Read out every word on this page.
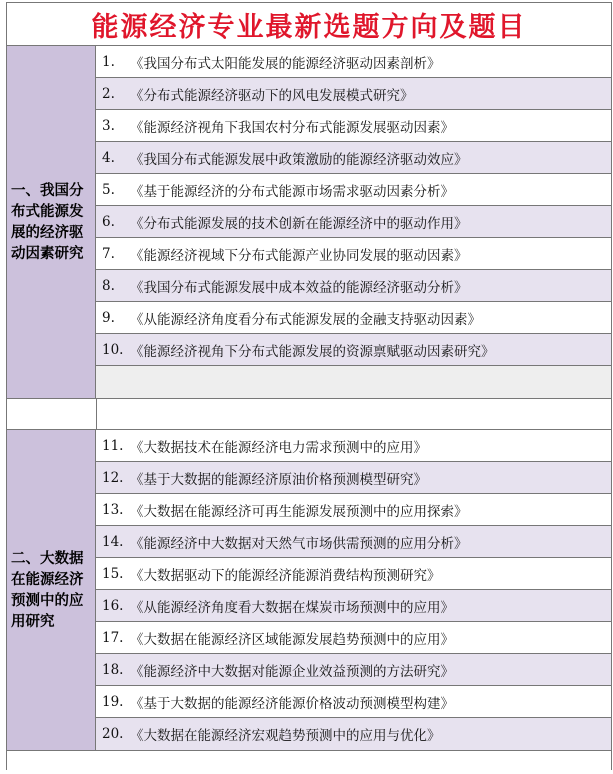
能源经济专业最新选题方向及题目
一、我国分布式能源发展的经济驱动因素研究
1.	《我国分布式太阳能发展的能源经济驱动因素剖析》
2.	《分布式能源经济驱动下的风电发展模式研究》
3.	《能源经济视角下我国农村分布式能源发展驱动因素》
4.	《我国分布式能源发展中政策激励的能源经济驱动效应》
5.	《基于能源经济的分布式能源市场需求驱动因素分析》
6.	《分布式能源发展的技术创新在能源经济中的驱动作用》
7.	《能源经济视域下分布式能源产业协同发展的驱动因素》
8.	《我国分布式能源发展中成本效益的能源经济驱动分析》
9.	《从能源经济角度看分布式能源发展的金融支持驱动因素》
10. 《能源经济视角下分布式能源发展的资源禀赋驱动因素研究》
二、大数据在能源经济预测中的应用研究
11. 《大数据技术在能源经济电力需求预测中的应用》
12. 《基于大数据的能源经济原油价格预测模型研究》
13. 《大数据在能源经济可再生能源发展预测中的应用探索》
14. 《能源经济中大数据对天然气市场供需预测的应用分析》
15. 《大数据驱动下的能源经济能源消费结构预测研究》
16. 《从能源经济角度看大数据在煤炭市场预测中的应用》
17. 《大数据在能源经济区域能源发展趋势预测中的应用》
18. 《能源经济中大数据对能源企业效益预测的方法研究》
19. 《基于大数据的能源经济能源价格波动预测模型构建》
20. 《大数据在能源经济宏观趋势预测中的应用与优化》
